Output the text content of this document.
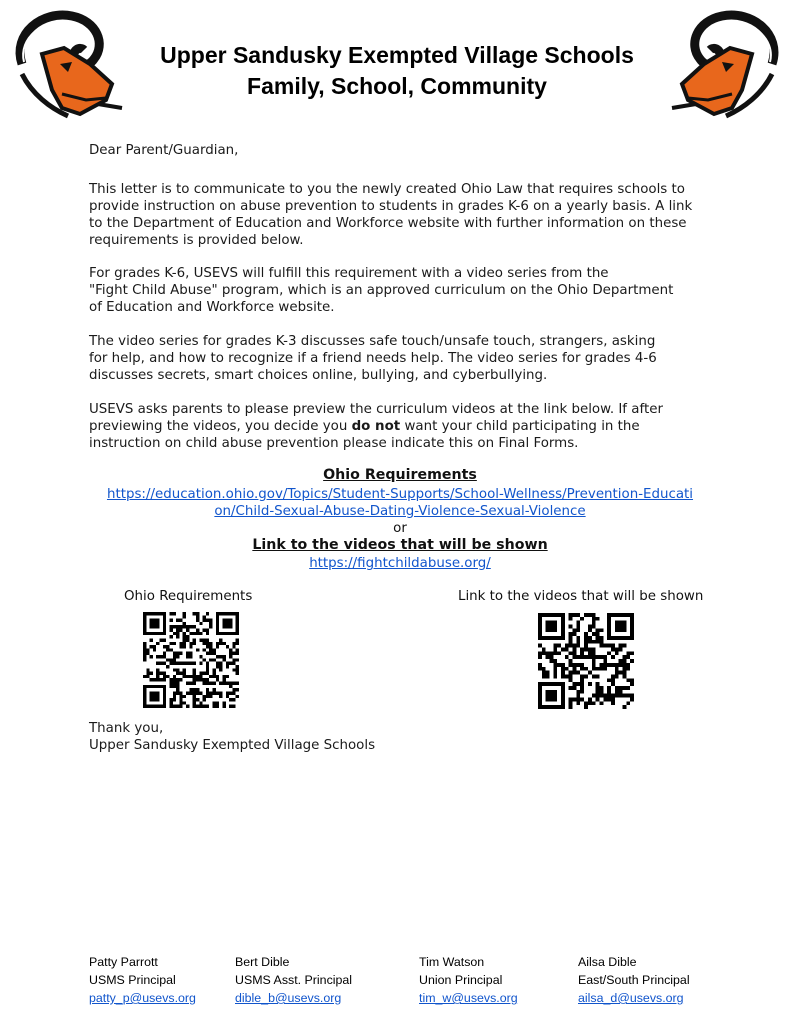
Upper Sandusky Exempted Village Schools
Family, School, Community
Dear Parent/Guardian,
This letter is to communicate to you the newly created Ohio Law that requires schools to
provide instruction on abuse prevention to students in grades K-6 on a yearly basis. A link
to the Department of Education and Workforce website with further information on these
requirements is provided below.
For grades K-6, USEVS will fulfill this requirement with a video series from the
"Fight Child Abuse" program, which is an approved curriculum on the Ohio Department
of Education and Workforce website.
The video series for grades K-3 discusses safe touch/unsafe touch, strangers, asking
for help, and how to recognize if a friend needs help. The video series for grades 4-6
discusses secrets, smart choices online, bullying, and cyberbullying.
USEVS asks parents to please preview the curriculum videos at the link below. If after
previewing the videos, you decide you do not want your child participating in the
instruction on child abuse prevention please indicate this on Final Forms.
Ohio Requirements
https://education.ohio.gov/Topics/Student-Supports/School-Wellness/Prevention-Educati
on/Child-Sexual-Abuse-Dating-Violence-Sexual-Violence
or
Link to the videos that will be shown
https://fightchildabuse.org/
Ohio Requirements	Link to the videos that will be shown
Thank you,
Upper Sandusky Exempted Village Schools
Patty Parrott
USMS Principal
patty_p@usevs.org
Bert Dible
USMS Asst. Principal
dible_b@usevs.org
Tim Watson
Union Principal
tim_w@usevs.org
Ailsa Dible
East/South Principal
ailsa_d@usevs.org
